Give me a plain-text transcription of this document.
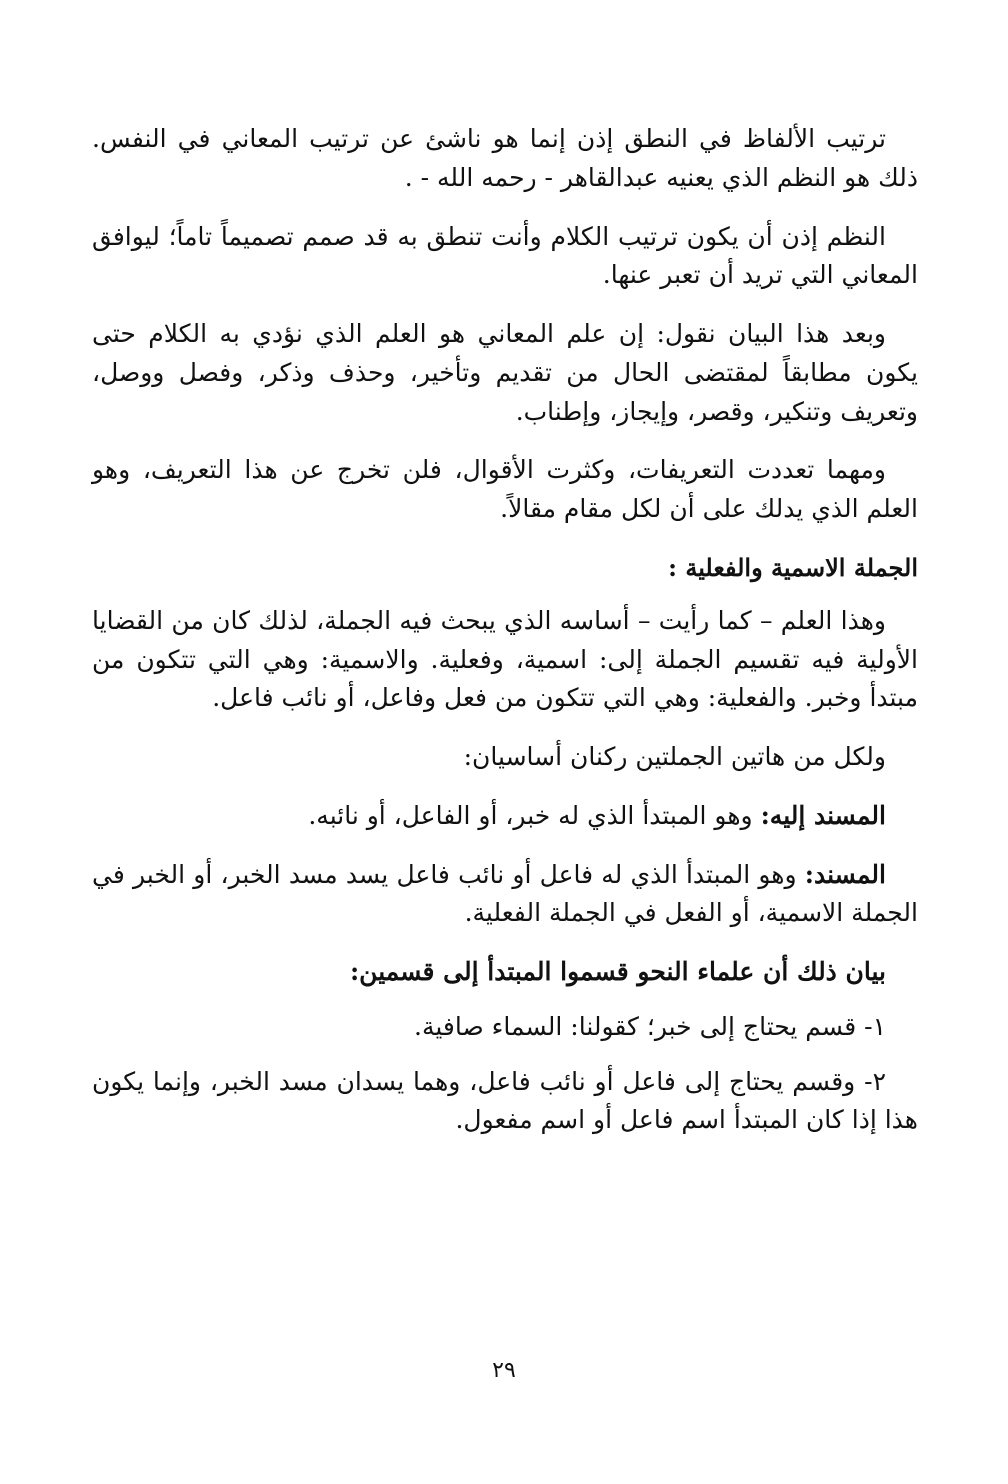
ترتيب الألفاظ في النطق إذن إنما هو ناشئ عن ترتيب المعاني في النفس. ذلك هو النظم الذي يعنيه عبدالقاهر - رحمه الله - .

النظم إذن أن يكون ترتيب الكلام وأنت تنطق به قد صمم تصميماً تاماً؛ ليوافق المعاني التي تريد أن تعبر عنها.

وبعد هذا البيان نقول: إن علم المعاني هو العلم الذي نؤدي به الكلام حتى يكون مطابقاً لمقتضى الحال من تقديم وتأخير، وحذف وذكر، وفصل ووصل، وتعريف وتنكير، وقصر، وإيجاز، وإطناب.

ومهما تعددت التعريفات، وكثرت الأقوال، فلن تخرج عن هذا التعريف، وهو العلم الذي يدلك على أن لكل مقام مقالاً.

الجملة الاسمية والفعلية :

وهذا العلم – كما رأيت – أساسه الذي يبحث فيه الجملة، لذلك كان من القضايا الأولية فيه تقسيم الجملة إلى: اسمية، وفعلية. والاسمية: وهي التي تتكون من مبتدأ وخبر. والفعلية: وهي التي تتكون من فعل وفاعل، أو نائب فاعل.

ولكل من هاتين الجملتين ركنان أساسيان:

المسند إليه: وهو المبتدأ الذي له خبر، أو الفاعل، أو نائبه.

المسند: وهو المبتدأ الذي له فاعل أو نائب فاعل يسد مسد الخبر، أو الخبر في الجملة الاسمية، أو الفعل في الجملة الفعلية.

بيان ذلك أن علماء النحو قسموا المبتدأ إلى قسمين:

١- قسم يحتاج إلى خبر؛ كقولنا: السماء صافية.

٢- وقسم يحتاج إلى فاعل أو نائب فاعل، وهما يسدان مسد الخبر، وإنما يكون هذا إذا كان المبتدأ اسم فاعل أو اسم مفعول.

٢٩
